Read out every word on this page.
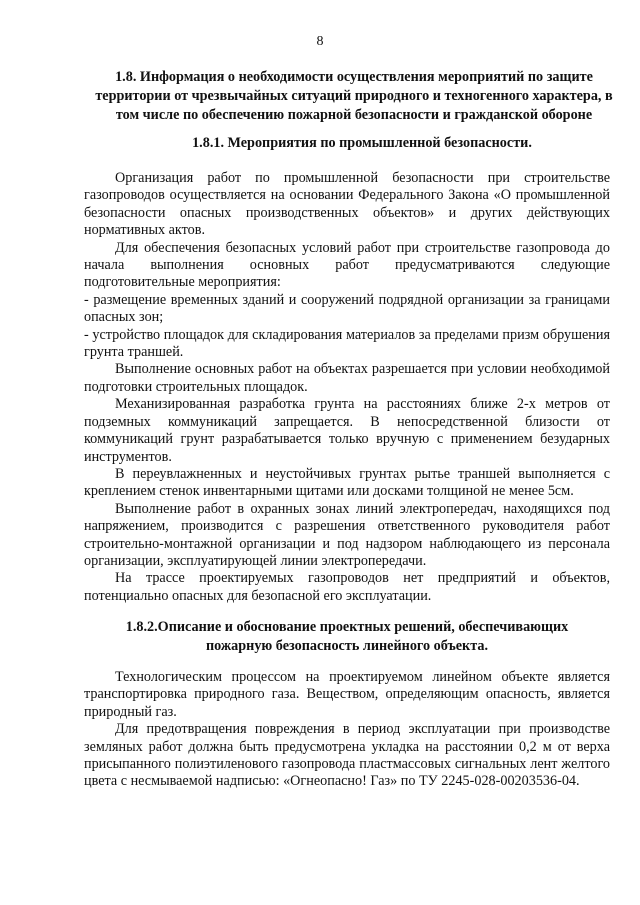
8
1.8. Информация о необходимости осуществления мероприятий по защите
территории от чрезвычайных ситуаций природного и техногенного характера, в
том числе по обеспечению пожарной безопасности и гражданской обороне
1.8.1. Мероприятия по промышленной безопасности.

Организация работ по промышленной безопасности при строительстве газопроводов осуществляется на основании Федерального Закона «О промышленной безопасности опасных производственных объектов» и других действующих нормативных актов.

Для обеспечения безопасных условий работ при строительстве газопровода до начала выполнения основных работ предусматриваются следующие подготовительные мероприятия:

- размещение временных зданий и сооружений подрядной организации за границами опасных зон;

- устройство площадок для складирования материалов за пределами призм обрушения грунта траншей.

Выполнение основных работ на объектах разрешается при условии необходимой подготовки строительных площадок.

Механизированная разработка грунта на расстояниях ближе 2-х метров от подземных коммуникаций запрещается. В непосредственной близости от коммуникаций грунт разрабатывается только вручную с применением безударных инструментов.

В переувлажненных и неустойчивых грунтах рытье траншей выполняется с креплением стенок инвентарными щитами или досками толщиной не менее 5см.

Выполнение работ в охранных зонах линий электропередач, находящихся под напряжением, производится с разрешения ответственного руководителя работ строительно-монтажной организации и под надзором наблюдающего из персонала организации, эксплуатирующей линии электропередачи.

На трассе проектируемых газопроводов нет предприятий и объектов, потенциально опасных для безопасной его эксплуатации.

1.8.2.Описание и обоснование проектных решений, обеспечивающих
пожарную безопасность линейного объекта.

Технологическим процессом на проектируемом линейном объекте является транспортировка природного газа. Веществом, определяющим опасность, является природный газ.

Для предотвращения повреждения в период эксплуатации при производстве земляных работ должна быть предусмотрена укладка на расстоянии 0,2 м от верха присыпанного полиэтиленового газопровода пластмассовых сигнальных лент желтого цвета с несмываемой надписью: «Огнеопасно! Газ» по ТУ 2245-028-00203536-04.
